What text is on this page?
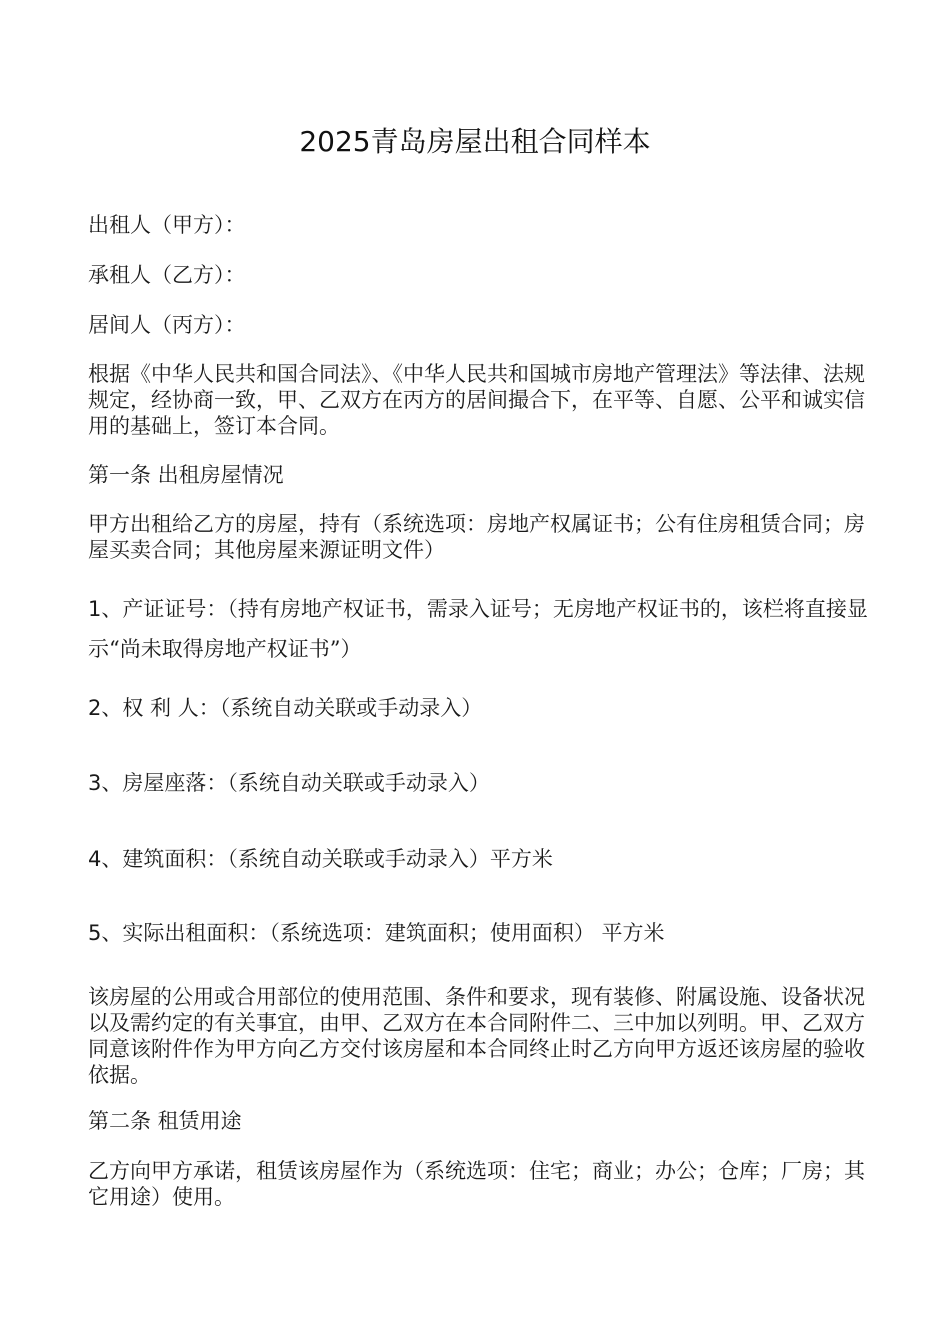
2025青岛房屋出租合同样本

出租人（甲方）：

承租人（乙方）：

居间人（丙方）：

根据《中华人民共和国合同法》、《中华人民共和国城市房地产管理法》等法律、法规规定，经协商一致，甲、乙双方在丙方的居间撮合下，在平等、自愿、公平和诚实信用的基础上，签订本合同。

第一条 出租房屋情况

甲方出租给乙方的房屋，持有（系统选项：房地产权属证书；公有住房租赁合同；房屋买卖合同；其他房屋来源证明文件）

1、产证证号：（持有房地产权证书，需录入证号；无房地产权证书的，该栏将直接显示“尚未取得房地产权证书”）

2、权 利 人：（系统自动关联或手动录入）

3、房屋座落：（系统自动关联或手动录入）

4、建筑面积：（系统自动关联或手动录入）平方米

5、实际出租面积：（系统选项：建筑面积；使用面积） 平方米

该房屋的公用或合用部位的使用范围、条件和要求，现有装修、附属设施、设备状况以及需约定的有关事宜，由甲、乙双方在本合同附件二、三中加以列明。甲、乙双方同意该附件作为甲方向乙方交付该房屋和本合同终止时乙方向甲方返还该房屋的验收依据。

第二条 租赁用途

乙方向甲方承诺，租赁该房屋作为（系统选项：住宅；商业；办公；仓库；厂房；其它用途）使用。
